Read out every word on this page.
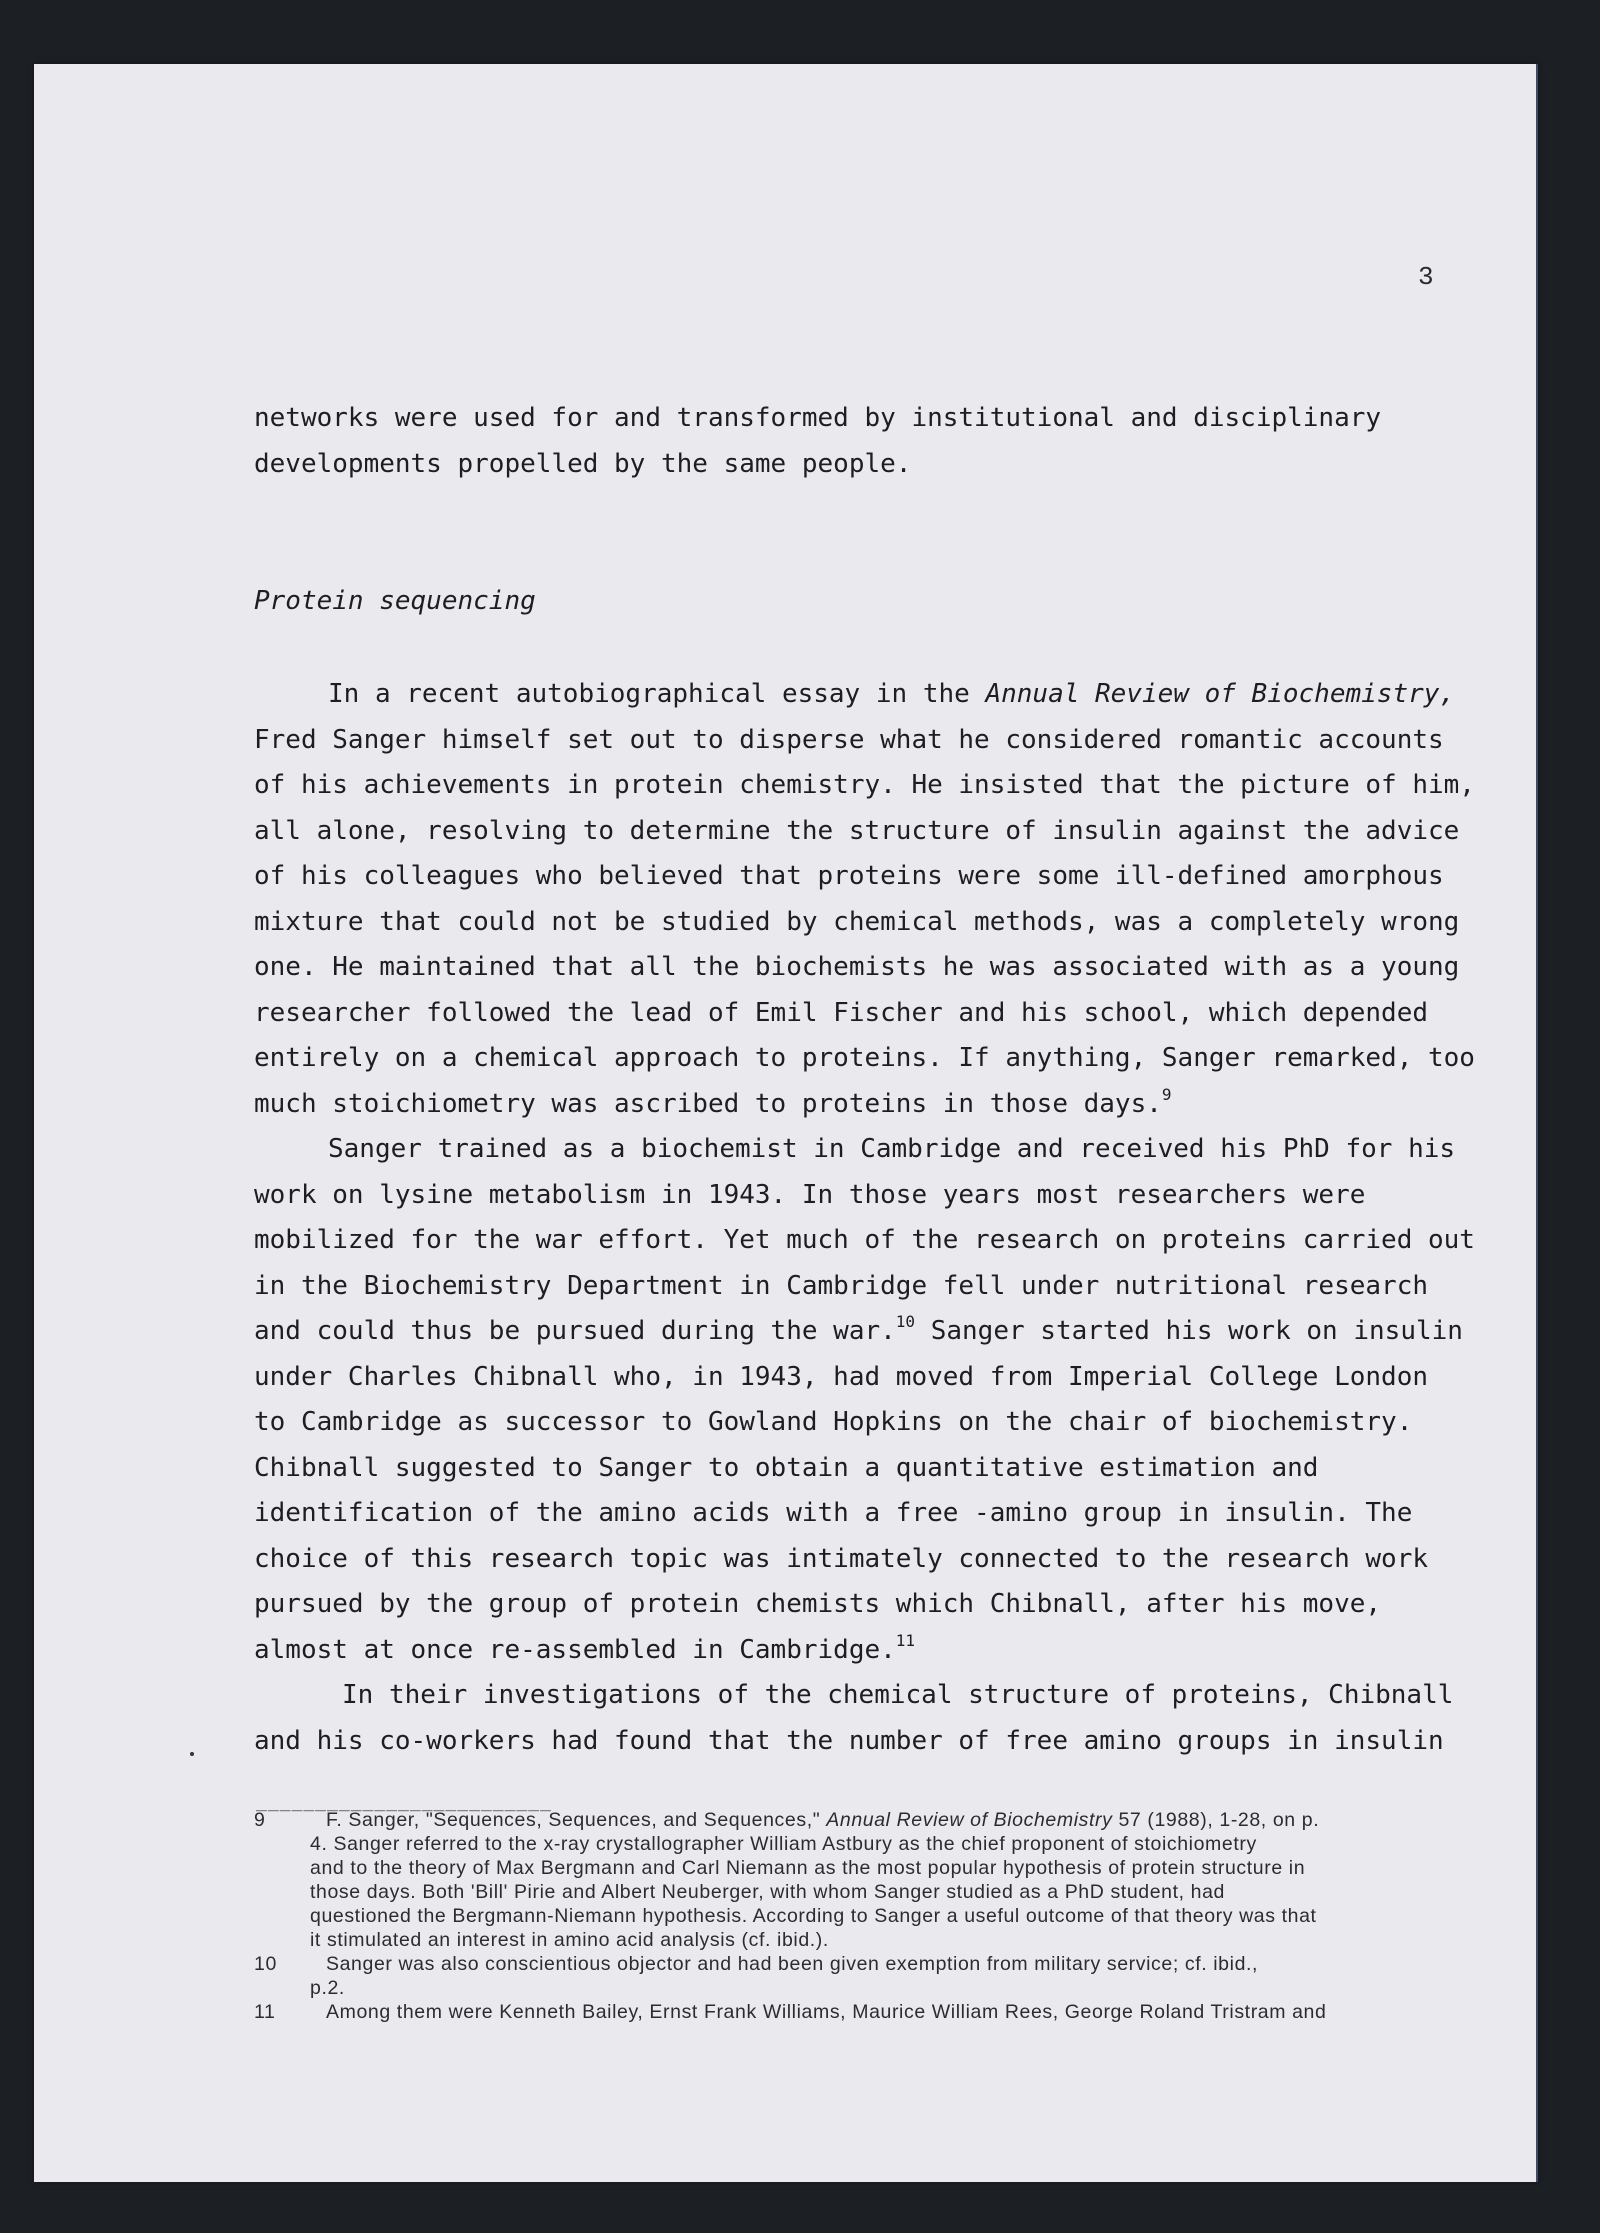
3
networks were used for and transformed by institutional and disciplinary
developments propelled by the same people.
Protein sequencing
In a recent autobiographical essay in the Annual Review of Biochemistry,
Fred Sanger himself set out to disperse what he considered romantic accounts
of his achievements in protein chemistry. He insisted that the picture of him,
all alone, resolving to determine the structure of insulin against the advice
of his colleagues who believed that proteins were some ill-defined amorphous
mixture that could not be studied by chemical methods, was a completely wrong
one. He maintained that all the biochemists he was associated with as a young
researcher followed the lead of Emil Fischer and his school, which depended
entirely on a chemical approach to proteins. If anything, Sanger remarked, too
much stoichiometry was ascribed to proteins in those days.$^9$
Sanger trained as a biochemist in Cambridge and received his PhD for his
work on lysine metabolism in 1943. In those years most researchers were
mobilized for the war effort. Yet much of the research on proteins carried out
in the Biochemistry Department in Cambridge fell under nutritional research
and could thus be pursued during the war.$^{10}$ Sanger started his work on insulin
under Charles Chibnall who, in 1943, had moved from Imperial College London
to Cambridge as successor to Gowland Hopkins on the chair of biochemistry.
Chibnall suggested to Sanger to obtain a quantitative estimation and
identification of the amino acids with a free -amino group in insulin. The
choice of this research topic was intimately connected to the research work
pursued by the group of protein chemists which Chibnall, after his move,
almost at once re-assembled in Cambridge.$^{11}$
In their investigations of the chemical structure of proteins, Chibnall
and his co-workers had found that the number of free amino groups in insulin
_________________________
9	F. Sanger, "Sequences, Sequences, and Sequences," Annual Review of Biochemistry 57 (1988), 1-28, on p.
4. Sanger referred to the x-ray crystallographer William Astbury as the chief proponent of stoichiometry
and to the theory of Max Bergmann and Carl Niemann as the most popular hypothesis of protein structure in
those days. Both 'Bill' Pirie and Albert Neuberger, with whom Sanger studied as a PhD student, had
questioned the Bergmann-Niemann hypothesis. According to Sanger a useful outcome of that theory was that
it stimulated an interest in amino acid analysis (cf. ibid.).
10	Sanger was also conscientious objector and had been given exemption from military service; cf. ibid.,
p.2.
11	Among them were Kenneth Bailey, Ernst Frank Williams, Maurice William Rees, George Roland Tristram and
